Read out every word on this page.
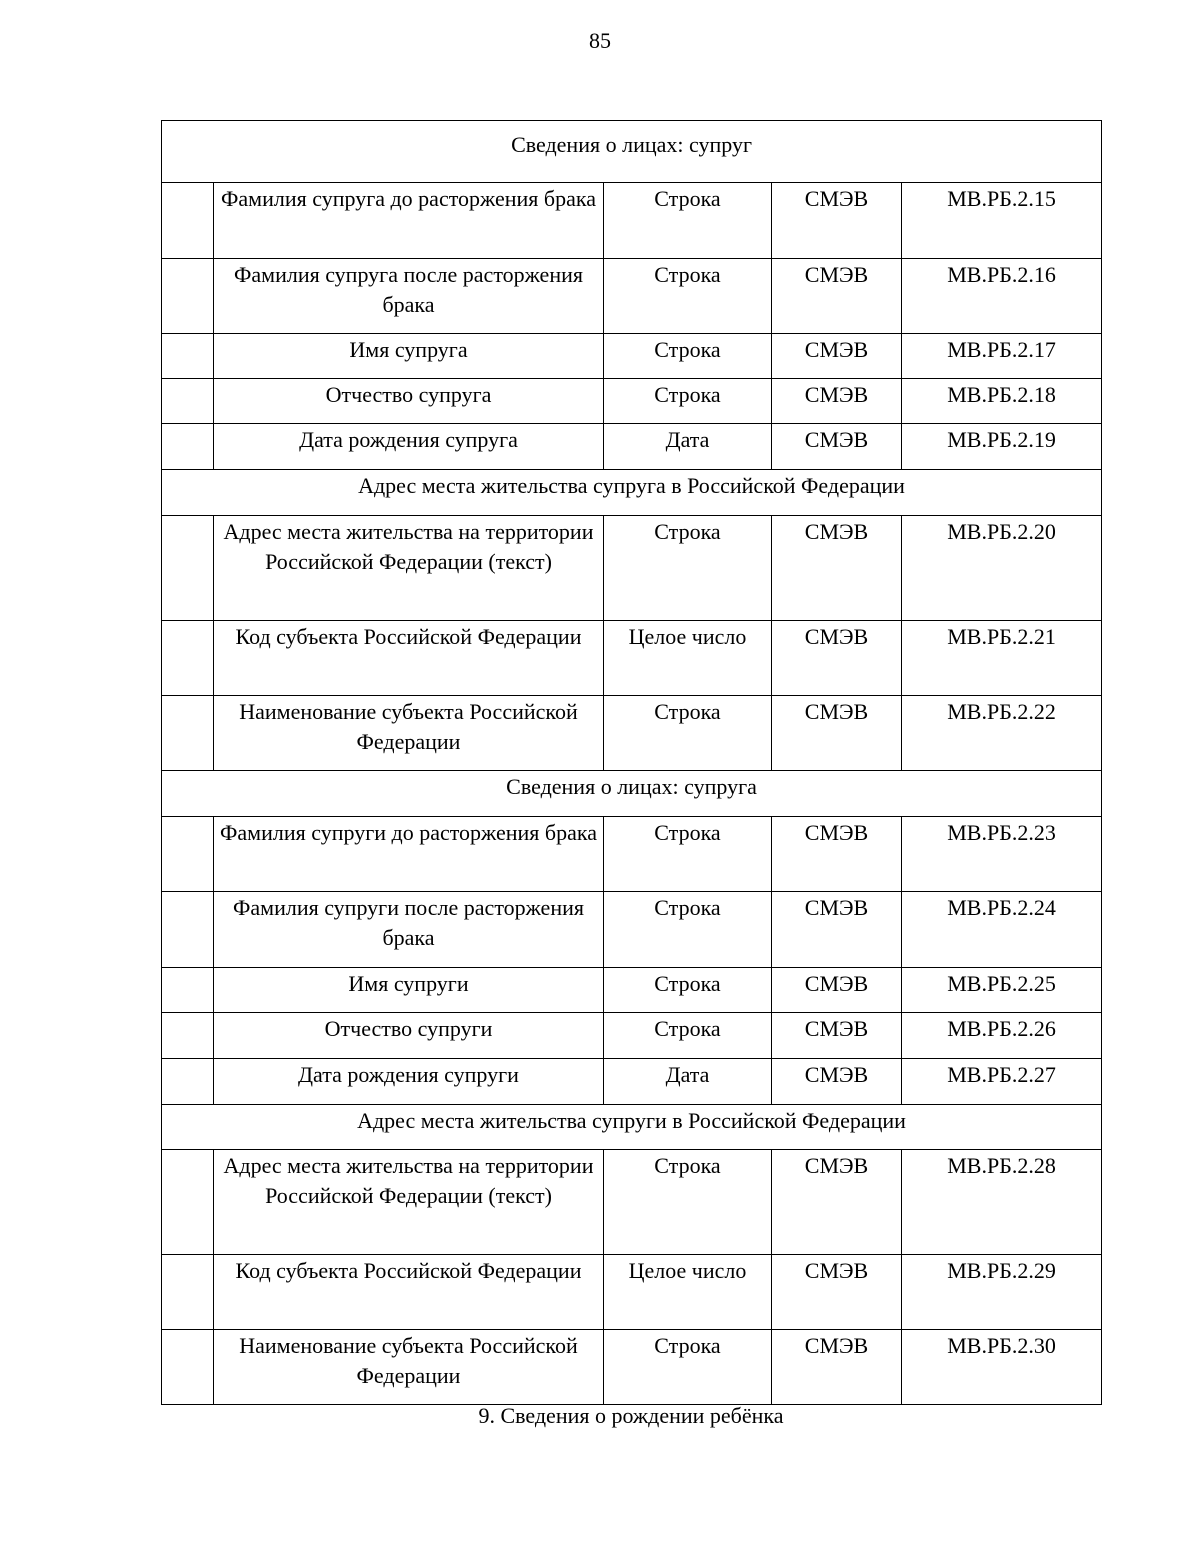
85
Сведения о лицах: супруг				
	Фамилия супруга до расторжения брака	Строка	СМЭВ	МВ.РБ.2.15
	Фамилия супруга после расторжения брака	Строка	СМЭВ	МВ.РБ.2.16
	Имя супруга	Строка	СМЭВ	МВ.РБ.2.17
	Отчество супруга	Строка	СМЭВ	МВ.РБ.2.18
	Дата рождения супруга	Дата	СМЭВ	МВ.РБ.2.19
Адрес места жительства супруга в Российской Федерации				
	Адрес места жительства на территории Российской Федерации (текст)	Строка	СМЭВ	МВ.РБ.2.20
	Код субъекта Российской Федерации	Целое число	СМЭВ	МВ.РБ.2.21
	Наименование субъекта Российской Федерации	Строка	СМЭВ	МВ.РБ.2.22
Сведения о лицах: супруга				
	Фамилия супруги до расторжения брака	Строка	СМЭВ	МВ.РБ.2.23
	Фамилия супруги после расторжения брака	Строка	СМЭВ	МВ.РБ.2.24
	Имя супруги	Строка	СМЭВ	МВ.РБ.2.25
	Отчество супруги	Строка	СМЭВ	МВ.РБ.2.26
	Дата рождения супруги	Дата	СМЭВ	МВ.РБ.2.27
Адрес места жительства супруги в Российской Федерации				
	Адрес места жительства на территории Российской Федерации (текст)	Строка	СМЭВ	МВ.РБ.2.28
	Код субъекта Российской Федерации	Целое число	СМЭВ	МВ.РБ.2.29
	Наименование субъекта Российской Федерации	Строка	СМЭВ	МВ.РБ.2.30
9. Сведения о рождении ребёнка
